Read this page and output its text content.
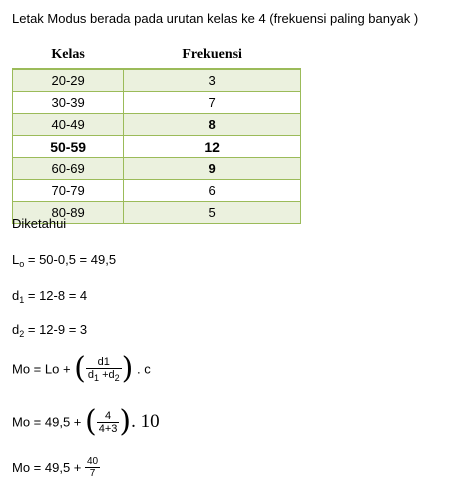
Letak Modus berada pada urutan kelas ke 4 (frekuensi paling banyak )
Kelas	Frekuensi
20-29	3
30-39	7
40-49	8
50-59	12
60-69	9
70-79	6
80-89	5
Diketahui
$L_o = 50-0,5 = 49,5$
$d_1 = 12-8 = 4$
$d_2 = 12-9 = 3$
Mo = Lo + ( $\frac{d1}{d_1 +d_2}$ ) . c
Mo = 49,5 + ( $\frac{4}{4+3}$ ). 10
$Mo = 49,5 + \frac{40}{7}$
